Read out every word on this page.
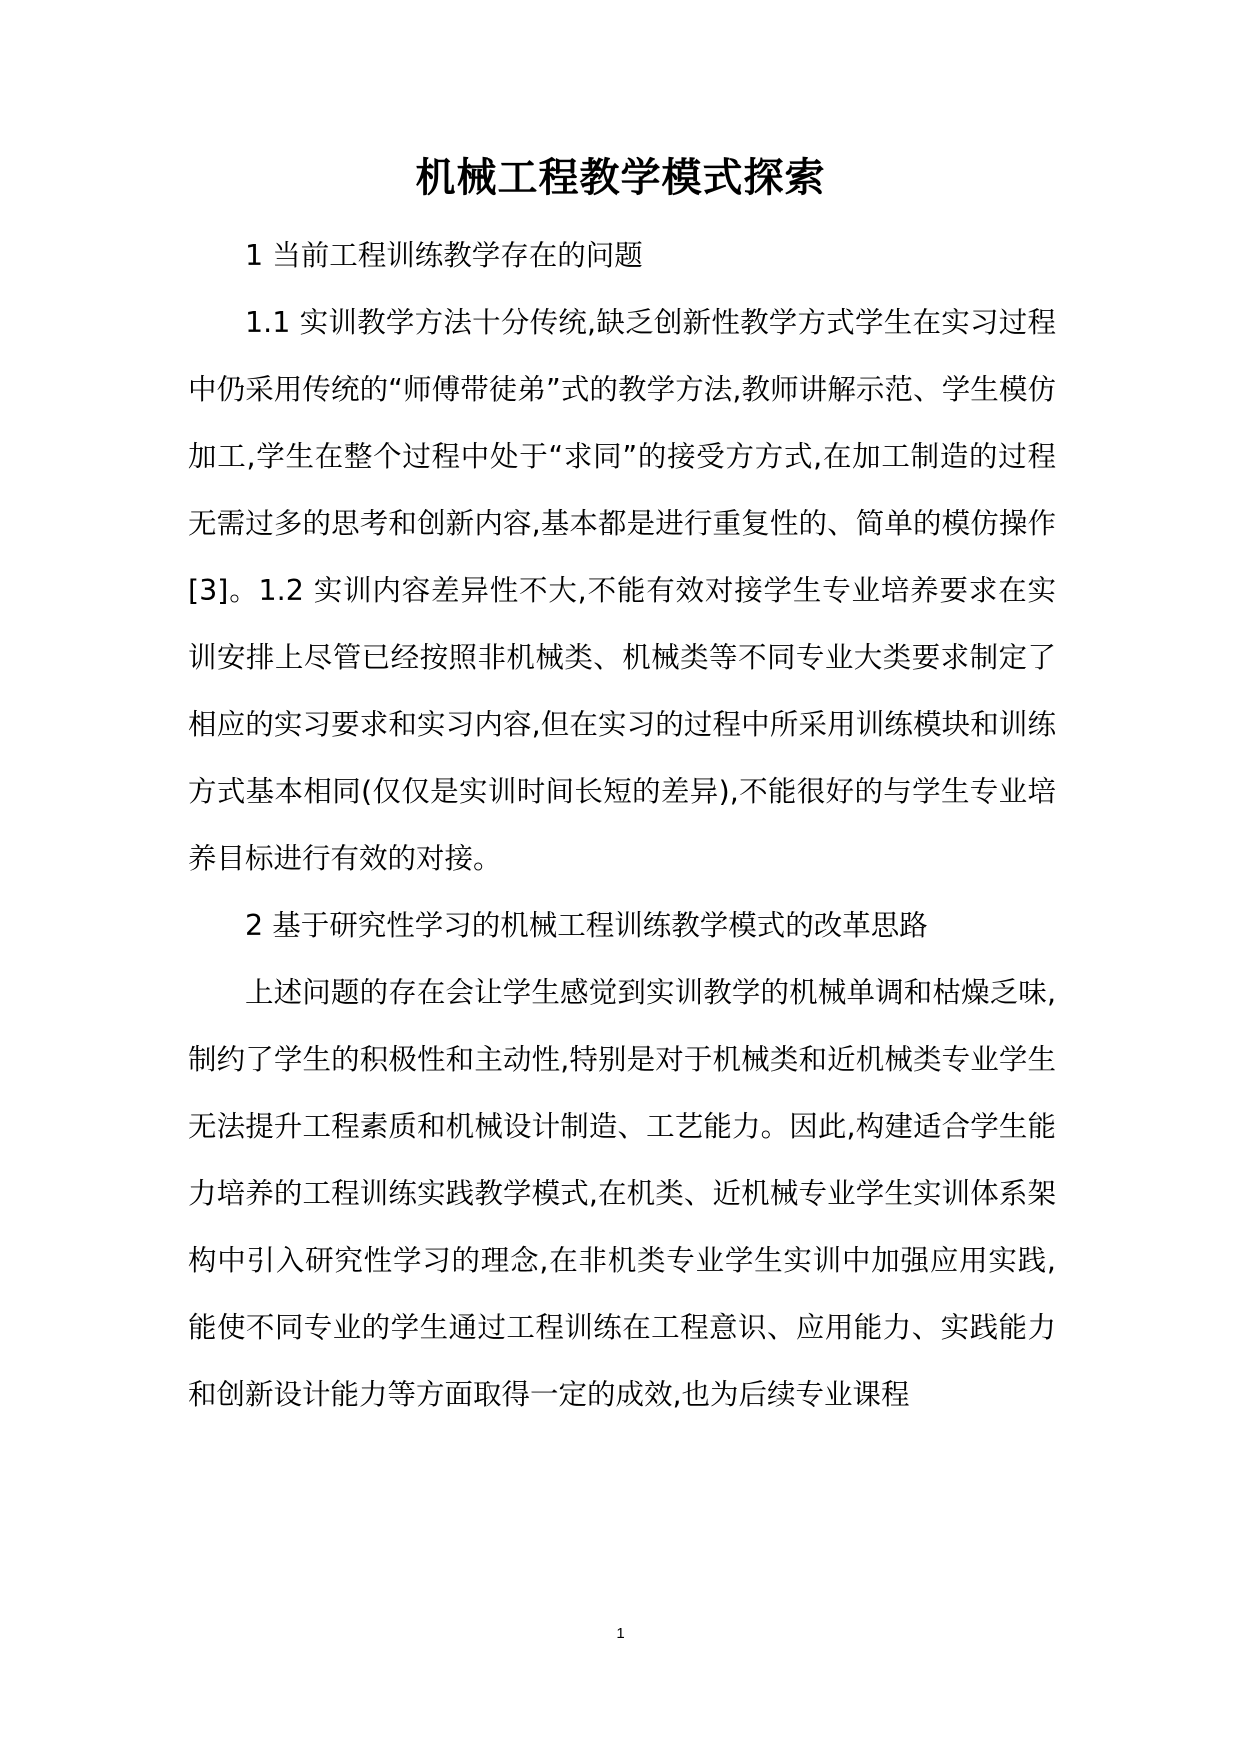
机械工程教学模式探索

1 当前工程训练教学存在的问题

1.1 实训教学方法十分传统,缺乏创新性教学方式学生在实习过程中仍采用传统的“师傅带徒弟”式的教学方法,教师讲解示范、学生模仿加工,学生在整个过程中处于“求同”的接受方方式,在加工制造的过程无需过多的思考和创新内容,基本都是进行重复性的、简单的模仿操作[3]。1.2 实训内容差异性不大,不能有效对接学生专业培养要求在实训安排上尽管已经按照非机械类、机械类等不同专业大类要求制定了相应的实习要求和实习内容,但在实习的过程中所采用训练模块和训练方式基本相同(仅仅是实训时间长短的差异),不能很好的与学生专业培养目标进行有效的对接。

2 基于研究性学习的机械工程训练教学模式的改革思路

上述问题的存在会让学生感觉到实训教学的机械单调和枯燥乏味,制约了学生的积极性和主动性,特别是对于机械类和近机械类专业学生无法提升工程素质和机械设计制造、工艺能力。因此,构建适合学生能力培养的工程训练实践教学模式,在机类、近机械专业学生实训体系架构中引入研究性学习的理念,在非机类专业学生实训中加强应用实践,能使不同专业的学生通过工程训练在工程意识、应用能力、实践能力和创新设计能力等方面取得一定的成效,也为后续专业课程

1
